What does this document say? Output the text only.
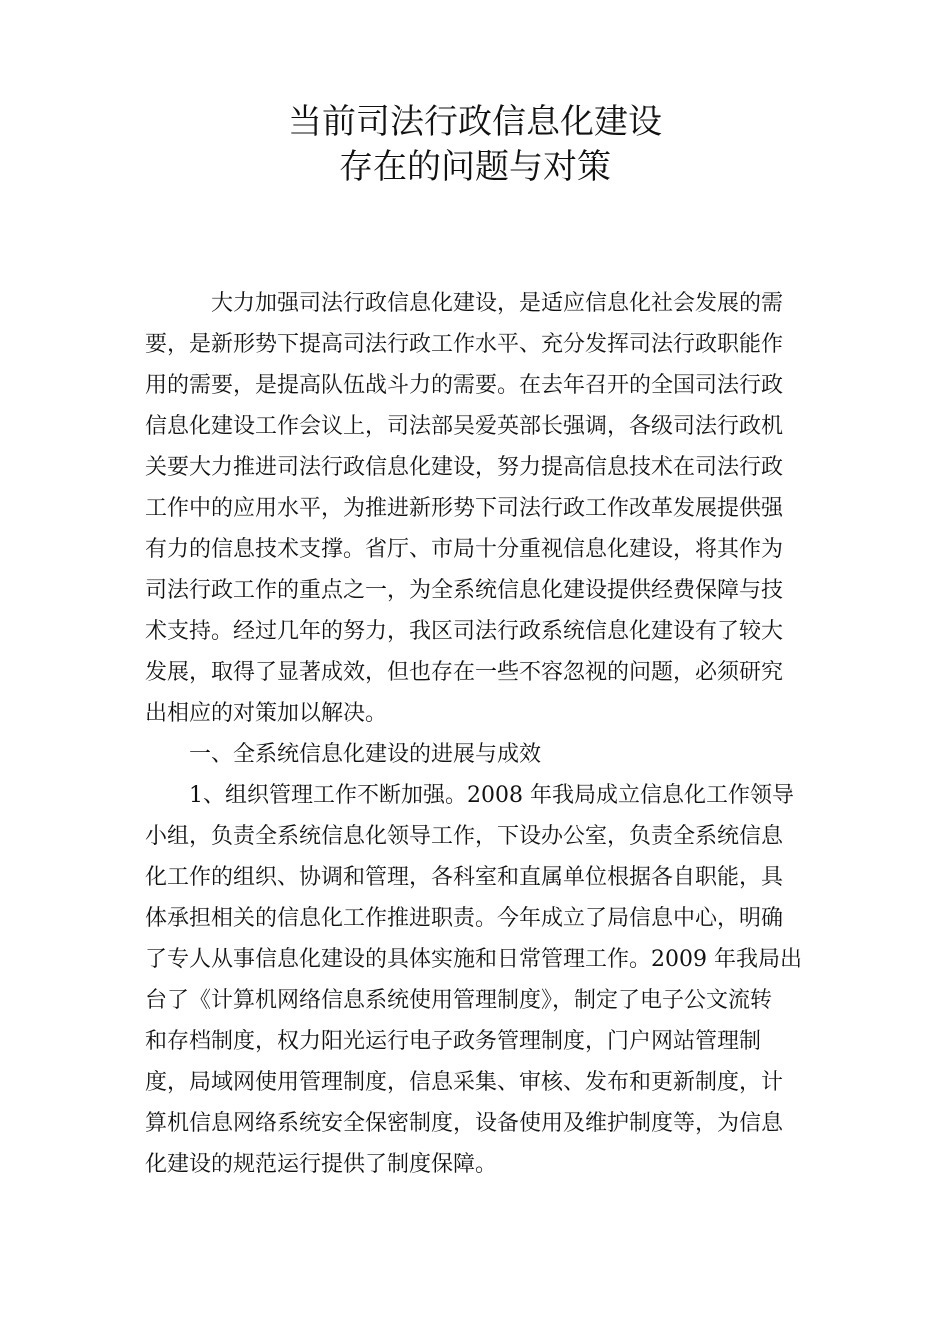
当前司法行政信息化建设
存在的问题与对策
大力加强司法行政信息化建设，是适应信息化社会发展的需
要，是新形势下提高司法行政工作水平、充分发挥司法行政职能作
用的需要，是提高队伍战斗力的需要。在去年召开的全国司法行政
信息化建设工作会议上，司法部吴爱英部长强调，各级司法行政机
关要大力推进司法行政信息化建设，努力提高信息技术在司法行政
工作中的应用水平，为推进新形势下司法行政工作改革发展提供强
有力的信息技术支撑。省厅、市局十分重视信息化建设，将其作为
司法行政工作的重点之一，为全系统信息化建设提供经费保障与技
术支持。经过几年的努力，我区司法行政系统信息化建设有了较大
发展，取得了显著成效，但也存在一些不容忽视的问题，必须研究
出相应的对策加以解决。
一、全系统信息化建设的进展与成效
1、组织管理工作不断加强。2008 年我局成立信息化工作领导
小组，负责全系统信息化领导工作，下设办公室，负责全系统信息
化工作的组织、协调和管理，各科室和直属单位根据各自职能，具
体承担相关的信息化工作推进职责。今年成立了局信息中心，明确
了专人从事信息化建设的具体实施和日常管理工作。2009 年我局出
台了《计算机网络信息系统使用管理制度》，制定了电子公文流转
和存档制度，权力阳光运行电子政务管理制度，门户网站管理制
度，局域网使用管理制度，信息采集、审核、发布和更新制度，计
算机信息网络系统安全保密制度，设备使用及维护制度等，为信息
化建设的规范运行提供了制度保障。
